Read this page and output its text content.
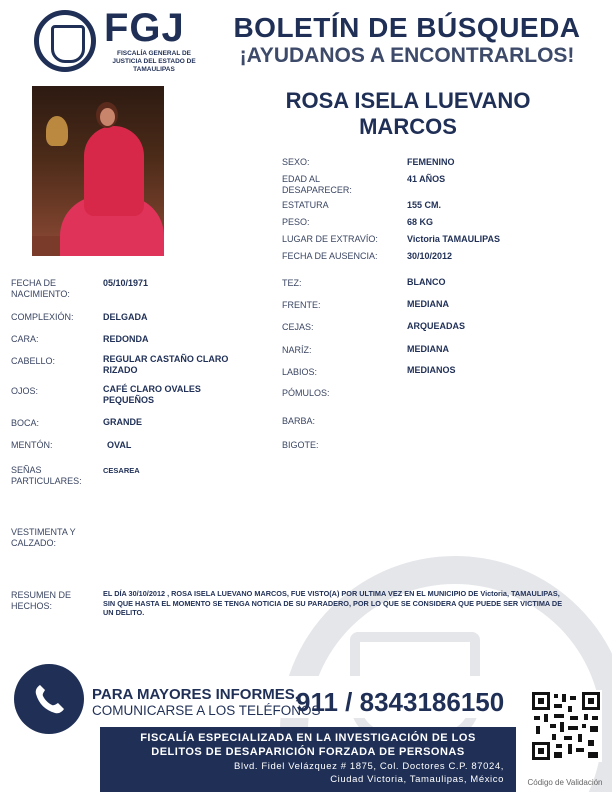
FGJ
FISCALÍA GENERAL DE JUSTICIA DEL ESTADO DE TAMAULIPAS
BOLETÍN DE BÚSQUEDA
¡AYUDANOS A ENCONTRARLOS!
ROSA ISELA LUEVANO MARCOS
SEXO:	FEMENINO
EDAD AL DESAPARECER:
41 AÑOS
ESTATURA	155 CM.
PESO:	68 KG
LUGAR DE EXTRAVÍO:	Victoria TAMAULIPAS
FECHA DE AUSENCIA:	30/10/2012
FECHA DE NACIMIENTO:
05/10/1971
COMPLEXIÓN:	DELGADA
CARA:	REDONDA
CABELLO:	REGULAR CASTAÑO CLARO RIZADO
OJOS:	CAFÉ CLARO OVALES PEQUEÑOS
BOCA:	GRANDE
MENTÓN:	OVAL
SEÑAS PARTICULARES:
CESAREA
VESTIMENTA Y CALZADO:
TEZ:	BLANCO
FRENTE:	MEDIANA
CEJAS:	ARQUEADAS
NARÍZ:	MEDIANA
LABIOS:	MEDIANOS
PÓMULOS:
BARBA:
BIGOTE:
RESUMEN DE HECHOS:
EL DÍA 30/10/2012 , ROSA ISELA LUEVANO MARCOS, FUE VISTO(A) POR ULTIMA VEZ EN EL MUNICIPIO DE Victoria, TAMAULIPAS, SIN QUE HASTA EL MOMENTO SE TENGA NOTICIA DE SU PARADERO, POR LO QUE SE CONSIDERA QUE PUEDE SER VICTIMA DE UN DELITO.
PARA MAYORES INFORMES,
COMUNICARSE A LOS TELÉFONOS
911 / 8343186150
FISCALÍA ESPECIALIZADA EN LA INVESTIGACIÓN DE LOS
DELITOS DE DESAPARICIÓN FORZADA DE PERSONAS
Blvd. Fidel Velázquez # 1875, Col. Doctores C.P. 87024,
Ciudad Victoria, Tamaulipas, México	Código de Validación
